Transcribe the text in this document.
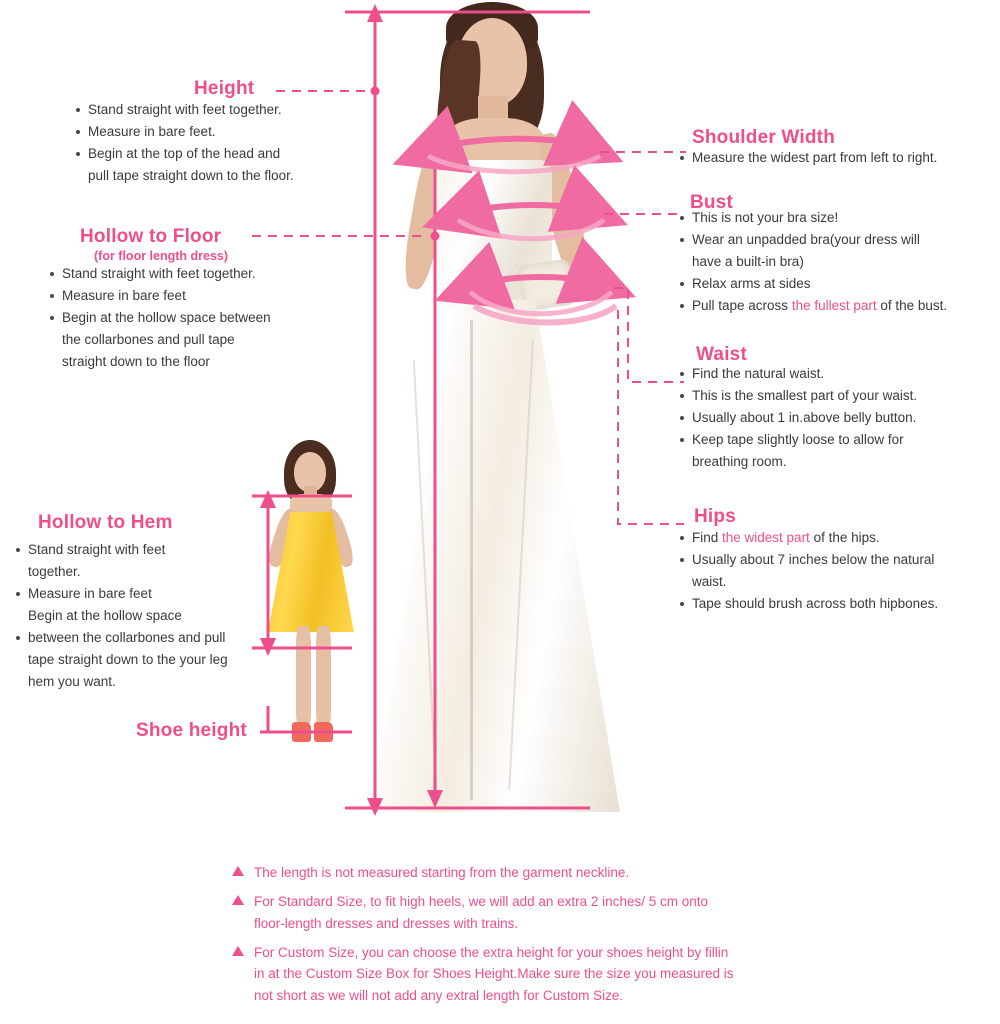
Height
Stand straight with feet together.
Measure in bare feet.
Begin at the top of the head and
pull tape straight down to the floor.
Hollow to Floor
(for floor length dress)
Stand straight with feet together.
Measure in bare feet
Begin at the hollow space between
the collarbones and pull tape
straight down to the floor
Hollow to Hem
Stand straight with feet
together.
Measure in bare feet
Begin at the hollow space
between the collarbones and pull
tape straight down to the your leg
hem you want.
Shoe height
Shoulder Width
Measure the widest part from left to right.
Bust
This is not your bra size!
Wear an unpadded bra(your dress will
have a built-in bra)
Relax arms at sides
Pull tape across the fullest part of the bust.
Waist
Find the natural waist.
This is the smallest part of your waist.
Usually about 1 in.above belly button.
Keep tape slightly loose to allow for
breathing room.
Hips
Find the widest part of the hips.
Usually about 7 inches below the natural
waist.
Tape should brush across both hipbones.
The length is not measured starting from the garment neckline.
For Standard Size, to fit high heels, we will add an extra 2 inches/ 5 cm onto
floor-length dresses and dresses with trains.
For Custom Size, you can choose the extra height for your shoes height by fillin
in at the Custom Size Box for Shoes Height.Make sure the size you measured is
not short as we will not add any extral length for Custom Size.
